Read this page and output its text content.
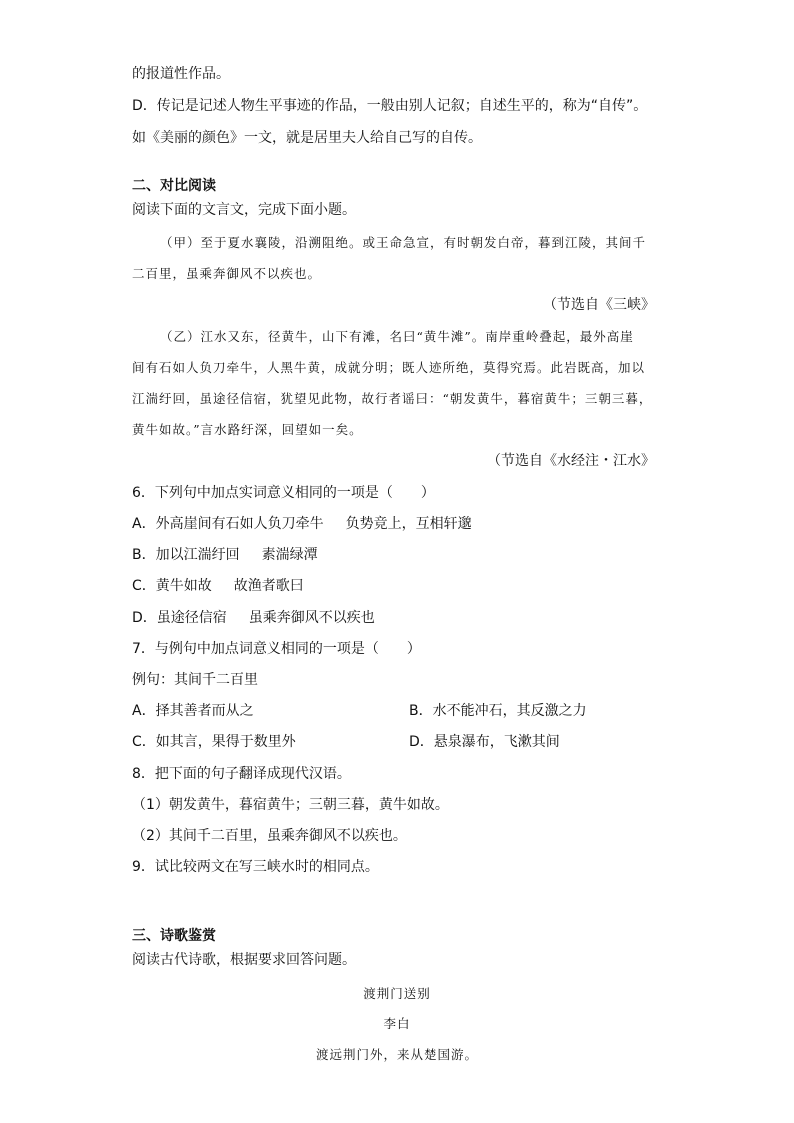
的报道性作品。
D．传记是记述人物生平事迹的作品，一般由别人记叙；自述生平的，称为“自传”。
如《美丽的颜色》一文，就是居里夫人给自己写的自传。
二、对比阅读
阅读下面的文言文，完成下面小题。
（甲）至于夏水襄陵，沿溯阻绝。或王命急宣，有时朝发白帝，暮到江陵，其间千
二百里，虽乘奔御风不以疾也。
（节选自《三峡》
（乙）江水又东，径黄牛，山下有滩，名曰“黄牛滩”。南岸重岭叠起，最外高崖
间有石如人负刀牵牛，人黑牛黄，成就分明；既人迹所绝，莫得究焉。此岩既高，加以
江湍纡回，虽途径信宿，犹望见此物，故行者谣曰：“朝发黄牛，暮宿黄牛；三朝三暮，
黄牛如故。”言水路纡深，回望如一矣。
（节选自《水经注・江水》
6．下列句中加点实词意义相同的一项是（　　）
A．外高崖间有石如人负刀牵牛 负势竞上，互相轩邈
B．加以江湍纡回 素湍绿潭
C．黄牛如故 故渔者歌曰
D．虽途径信宿 虽乘奔御风不以疾也
7．与例句中加点词意义相同的一项是（　　）
例句：其间千二百里
A．择其善者而从之	B．水不能冲石，其反激之力
C．如其言，果得于数里外	D．悬泉瀑布，飞漱其间
8．把下面的句子翻译成现代汉语。
（1）朝发黄牛，暮宿黄牛；三朝三暮，黄牛如故。
（2）其间千二百里，虽乘奔御风不以疾也。
9．试比较两文在写三峡水时的相同点。
三、诗歌鉴赏
阅读古代诗歌，根据要求回答问题。
渡荆门送别
李白
渡远荆门外，来从楚国游。
